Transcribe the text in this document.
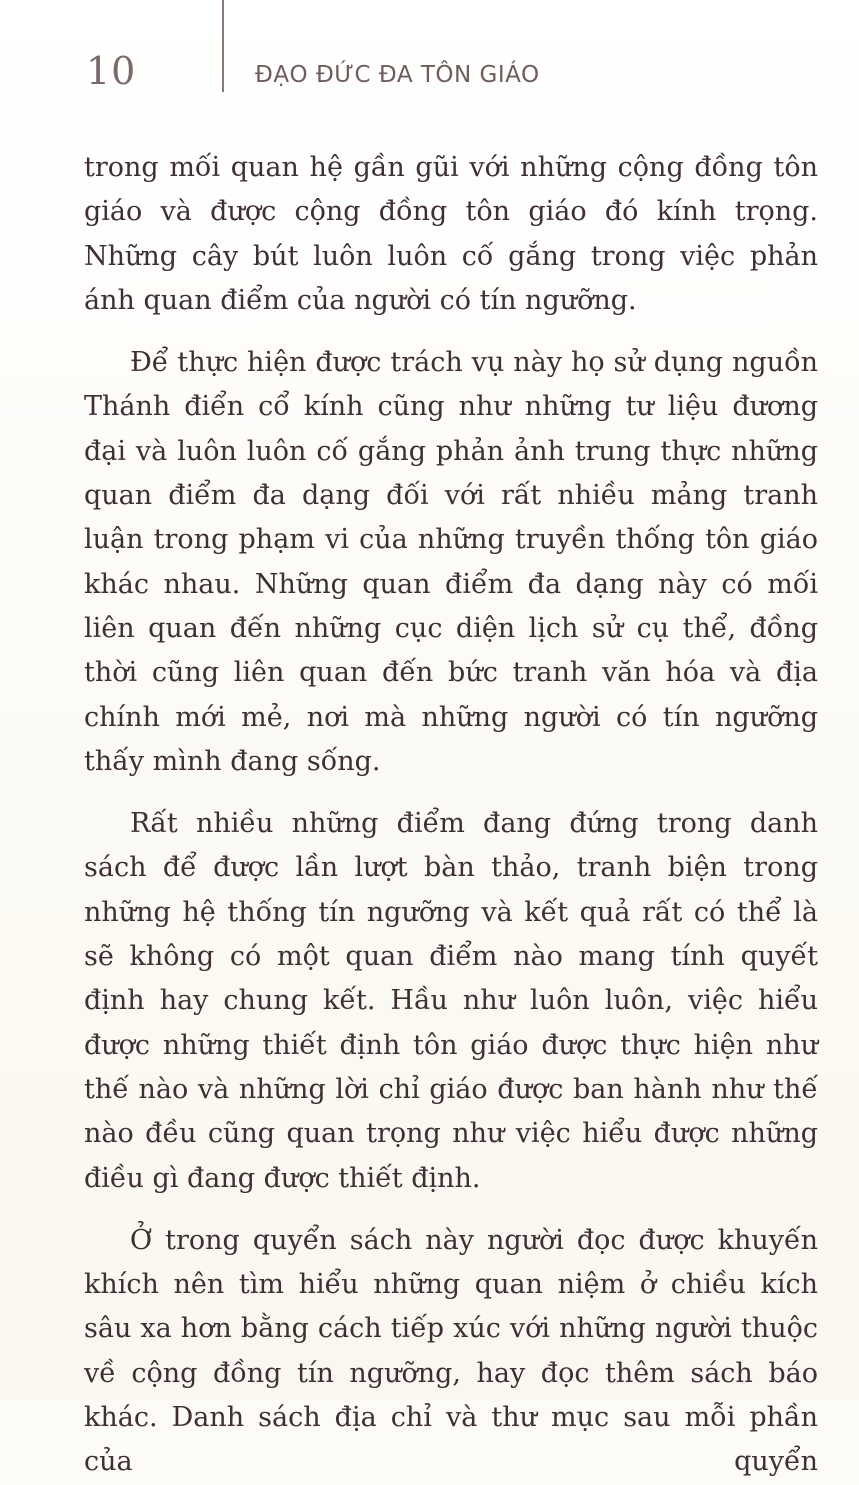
10	ĐẠO ĐỨC ĐA TÔN GIÁO

trong mối quan hệ gần gũi với những cộng đồng tôn giáo và được cộng đồng tôn giáo đó kính trọng. Những cây bút luôn luôn cố gắng trong việc phản ánh quan điểm của người có tín ngưỡng.

Để thực hiện được trách vụ này họ sử dụng nguồn Thánh điển cổ kính cũng như những tư liệu đương đại và luôn luôn cố gắng phản ảnh trung thực những quan điểm đa dạng đối với rất nhiều mảng tranh luận trong phạm vi của những truyền thống tôn giáo khác nhau. Những quan điểm đa dạng này có mối liên quan đến những cục diện lịch sử cụ thể, đồng thời cũng liên quan đến bức tranh văn hóa và địa chính mới mẻ, nơi mà những người có tín ngưỡng thấy mình đang sống.

Rất nhiều những điểm đang đứng trong danh sách để được lần lượt bàn thảo, tranh biện trong những hệ thống tín ngưỡng và kết quả rất có thể là sẽ không có một quan điểm nào mang tính quyết định hay chung kết. Hầu như luôn luôn, việc hiểu được những thiết định tôn giáo được thực hiện như thế nào và những lời chỉ giáo được ban hành như thế nào đều cũng quan trọng như việc hiểu được những điều gì đang được thiết định.

Ở trong quyển sách này người đọc được khuyến khích nên tìm hiểu những quan niệm ở chiều kích sâu xa hơn bằng cách tiếp xúc với những người thuộc về cộng đồng tín ngưỡng, hay đọc thêm sách báo khác. Danh sách địa chỉ và thư mục sau mỗi phần của quyển
